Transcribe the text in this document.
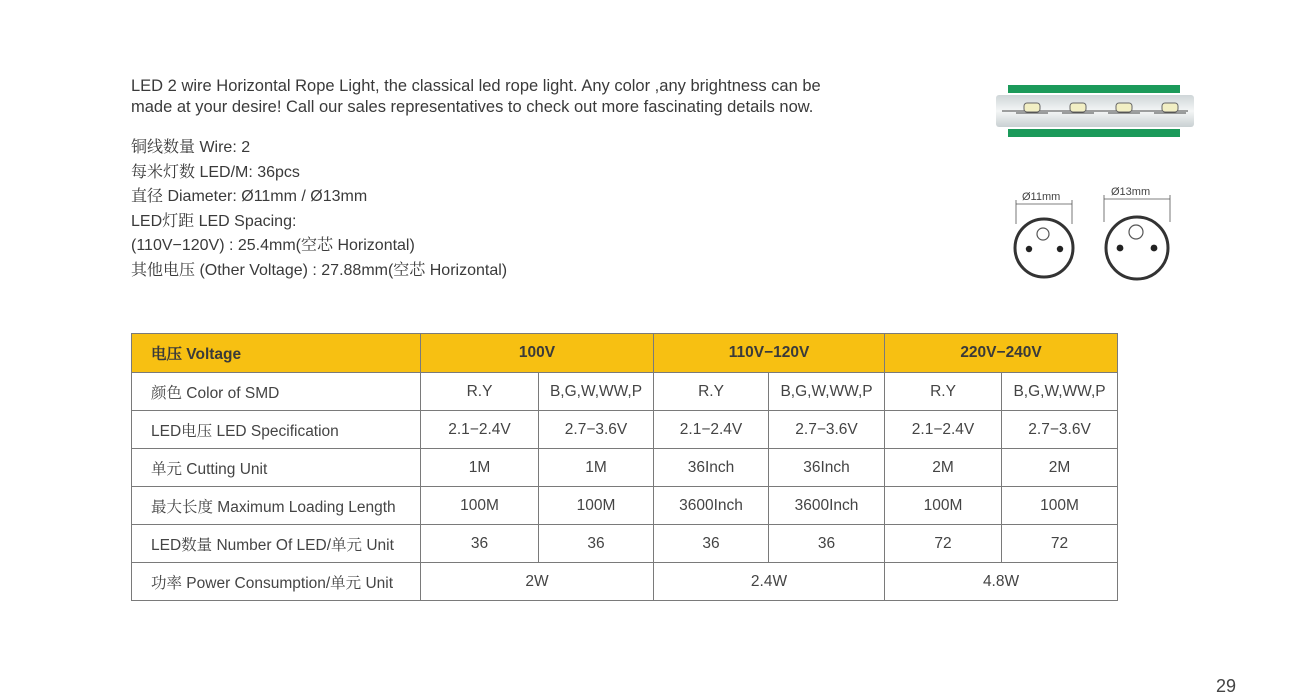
LED 2 wire Horizontal Rope Light, the classical led rope light. Any color ,any brightness can be
made at your desire! Call our sales representatives to check out more fascinating details now.

铜线数量 Wire: 2
每米灯数 LED/M: 36pcs
直径 Diameter: Ø11mm / Ø13mm
LED灯距 LED Spacing:
(110V−120V) : 25.4mm(空芯 Horizontal)
其他电压 (Other Voltage) : 27.88mm(空芯 Horizontal)
Ø11mm	Ø13mm
电压 Voltage	100V		110V−120V		220V−240V	
颜色 Color of SMD	R.Y	B,G,W,WW,P	R.Y	B,G,W,WW,P	R.Y	B,G,W,WW,P
LED电压 LED Specification	2.1−2.4V	2.7−3.6V	2.1−2.4V	2.7−3.6V	2.1−2.4V	2.7−3.6V
单元 Cutting Unit	1M	1M	36Inch	36Inch	2M	2M
最大长度 Maximum Loading Length	100M	100M	3600Inch	3600Inch	100M	100M
LED数量 Number Of LED/单元 Unit	36	36	36	36	72	72
功率 Power Consumption/单元 Unit	2W		2.4W		4.8W	
29
